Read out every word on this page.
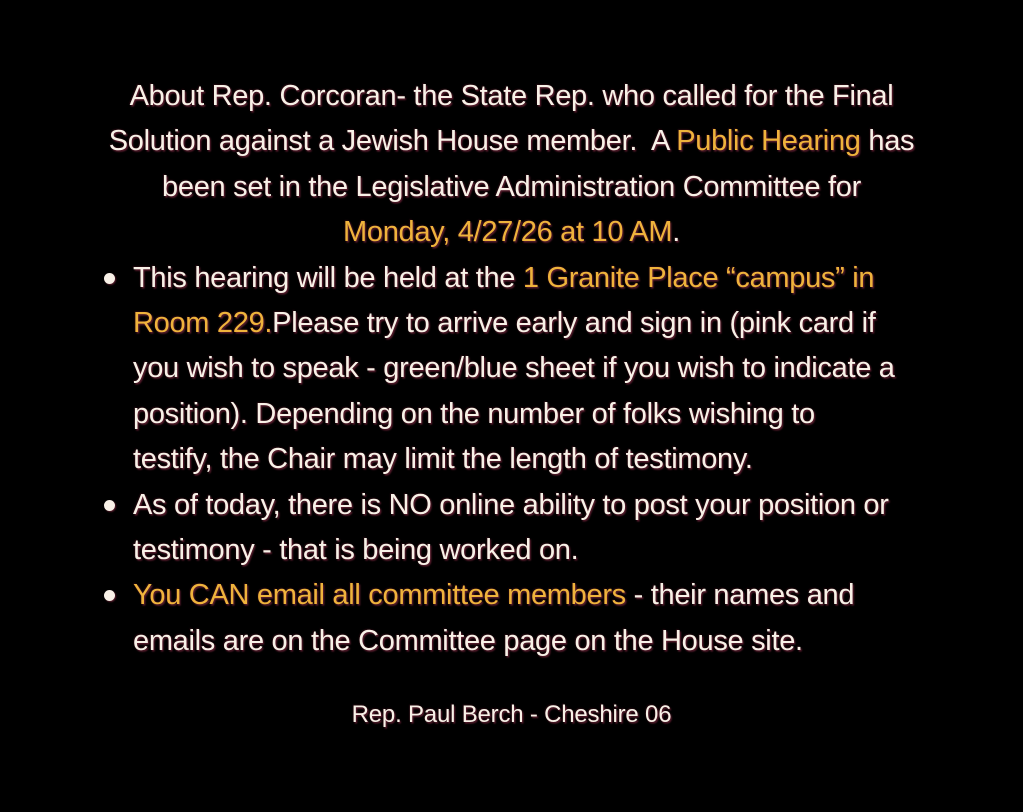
About Rep. Corcoran- the State Rep. who called for the Final
Solution against a Jewish House member.  A Public Hearing has
been set in the Legislative Administration Committee for
Monday, 4/27/26 at 10 AM.
This hearing will be held at the 1 Granite Place “campus” in
Room 229.Please try to arrive early and sign in (pink card if
you wish to speak - green/blue sheet if you wish to indicate a
position). Depending on the number of folks wishing to
testify, the Chair may limit the length of testimony.
As of today, there is NO online ability to post your position or
testimony - that is being worked on.
You CAN email all committee members - their names and
emails are on the Committee page on the House site.
Rep. Paul Berch - Cheshire 06
